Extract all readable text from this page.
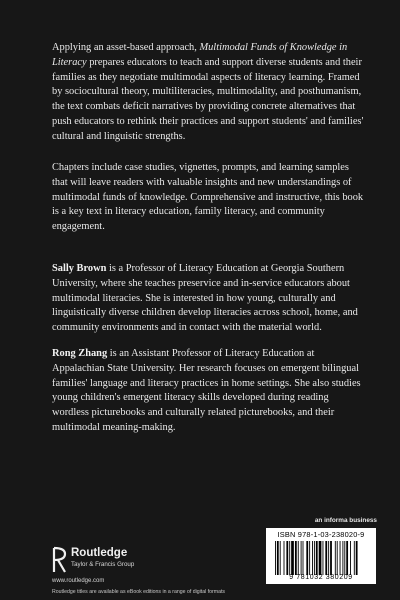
Applying an asset-based approach, Multimodal Funds of Knowledge in Literacy prepares educators to teach and support diverse students and their families as they negotiate multimodal aspects of literacy learning. Framed by sociocultural theory, multiliteracies, multimodality, and posthumanism, the text combats deficit narratives by providing concrete alternatives that push educators to rethink their practices and support students' and families' cultural and linguistic strengths.

Chapters include case studies, vignettes, prompts, and learning samples that will leave readers with valuable insights and new understandings of multimodal funds of knowledge. Comprehensive and instructive, this book is a key text in literacy education, family literacy, and community engagement.

Sally Brown is a Professor of Literacy Education at Georgia Southern University, where she teaches preservice and in-service educators about multimodal literacies. She is interested in how young, culturally and linguistically diverse children develop literacies across school, home, and community environments and in contact with the material world.

Rong Zhang is an Assistant Professor of Literacy Education at Appalachian State University. Her research focuses on emergent bilingual families' language and literacy practices in home settings. She also studies young children's emergent literacy skills developed during reading wordless picturebooks and culturally related picturebooks, and their multimodal meaning-making.

Routledge
Taylor & Francis Group
www.routledge.com
Routledge titles are available as eBook editions in a range of digital formats
an informa business
ISBN 978-1-03-238020-9
9 781032 380209
